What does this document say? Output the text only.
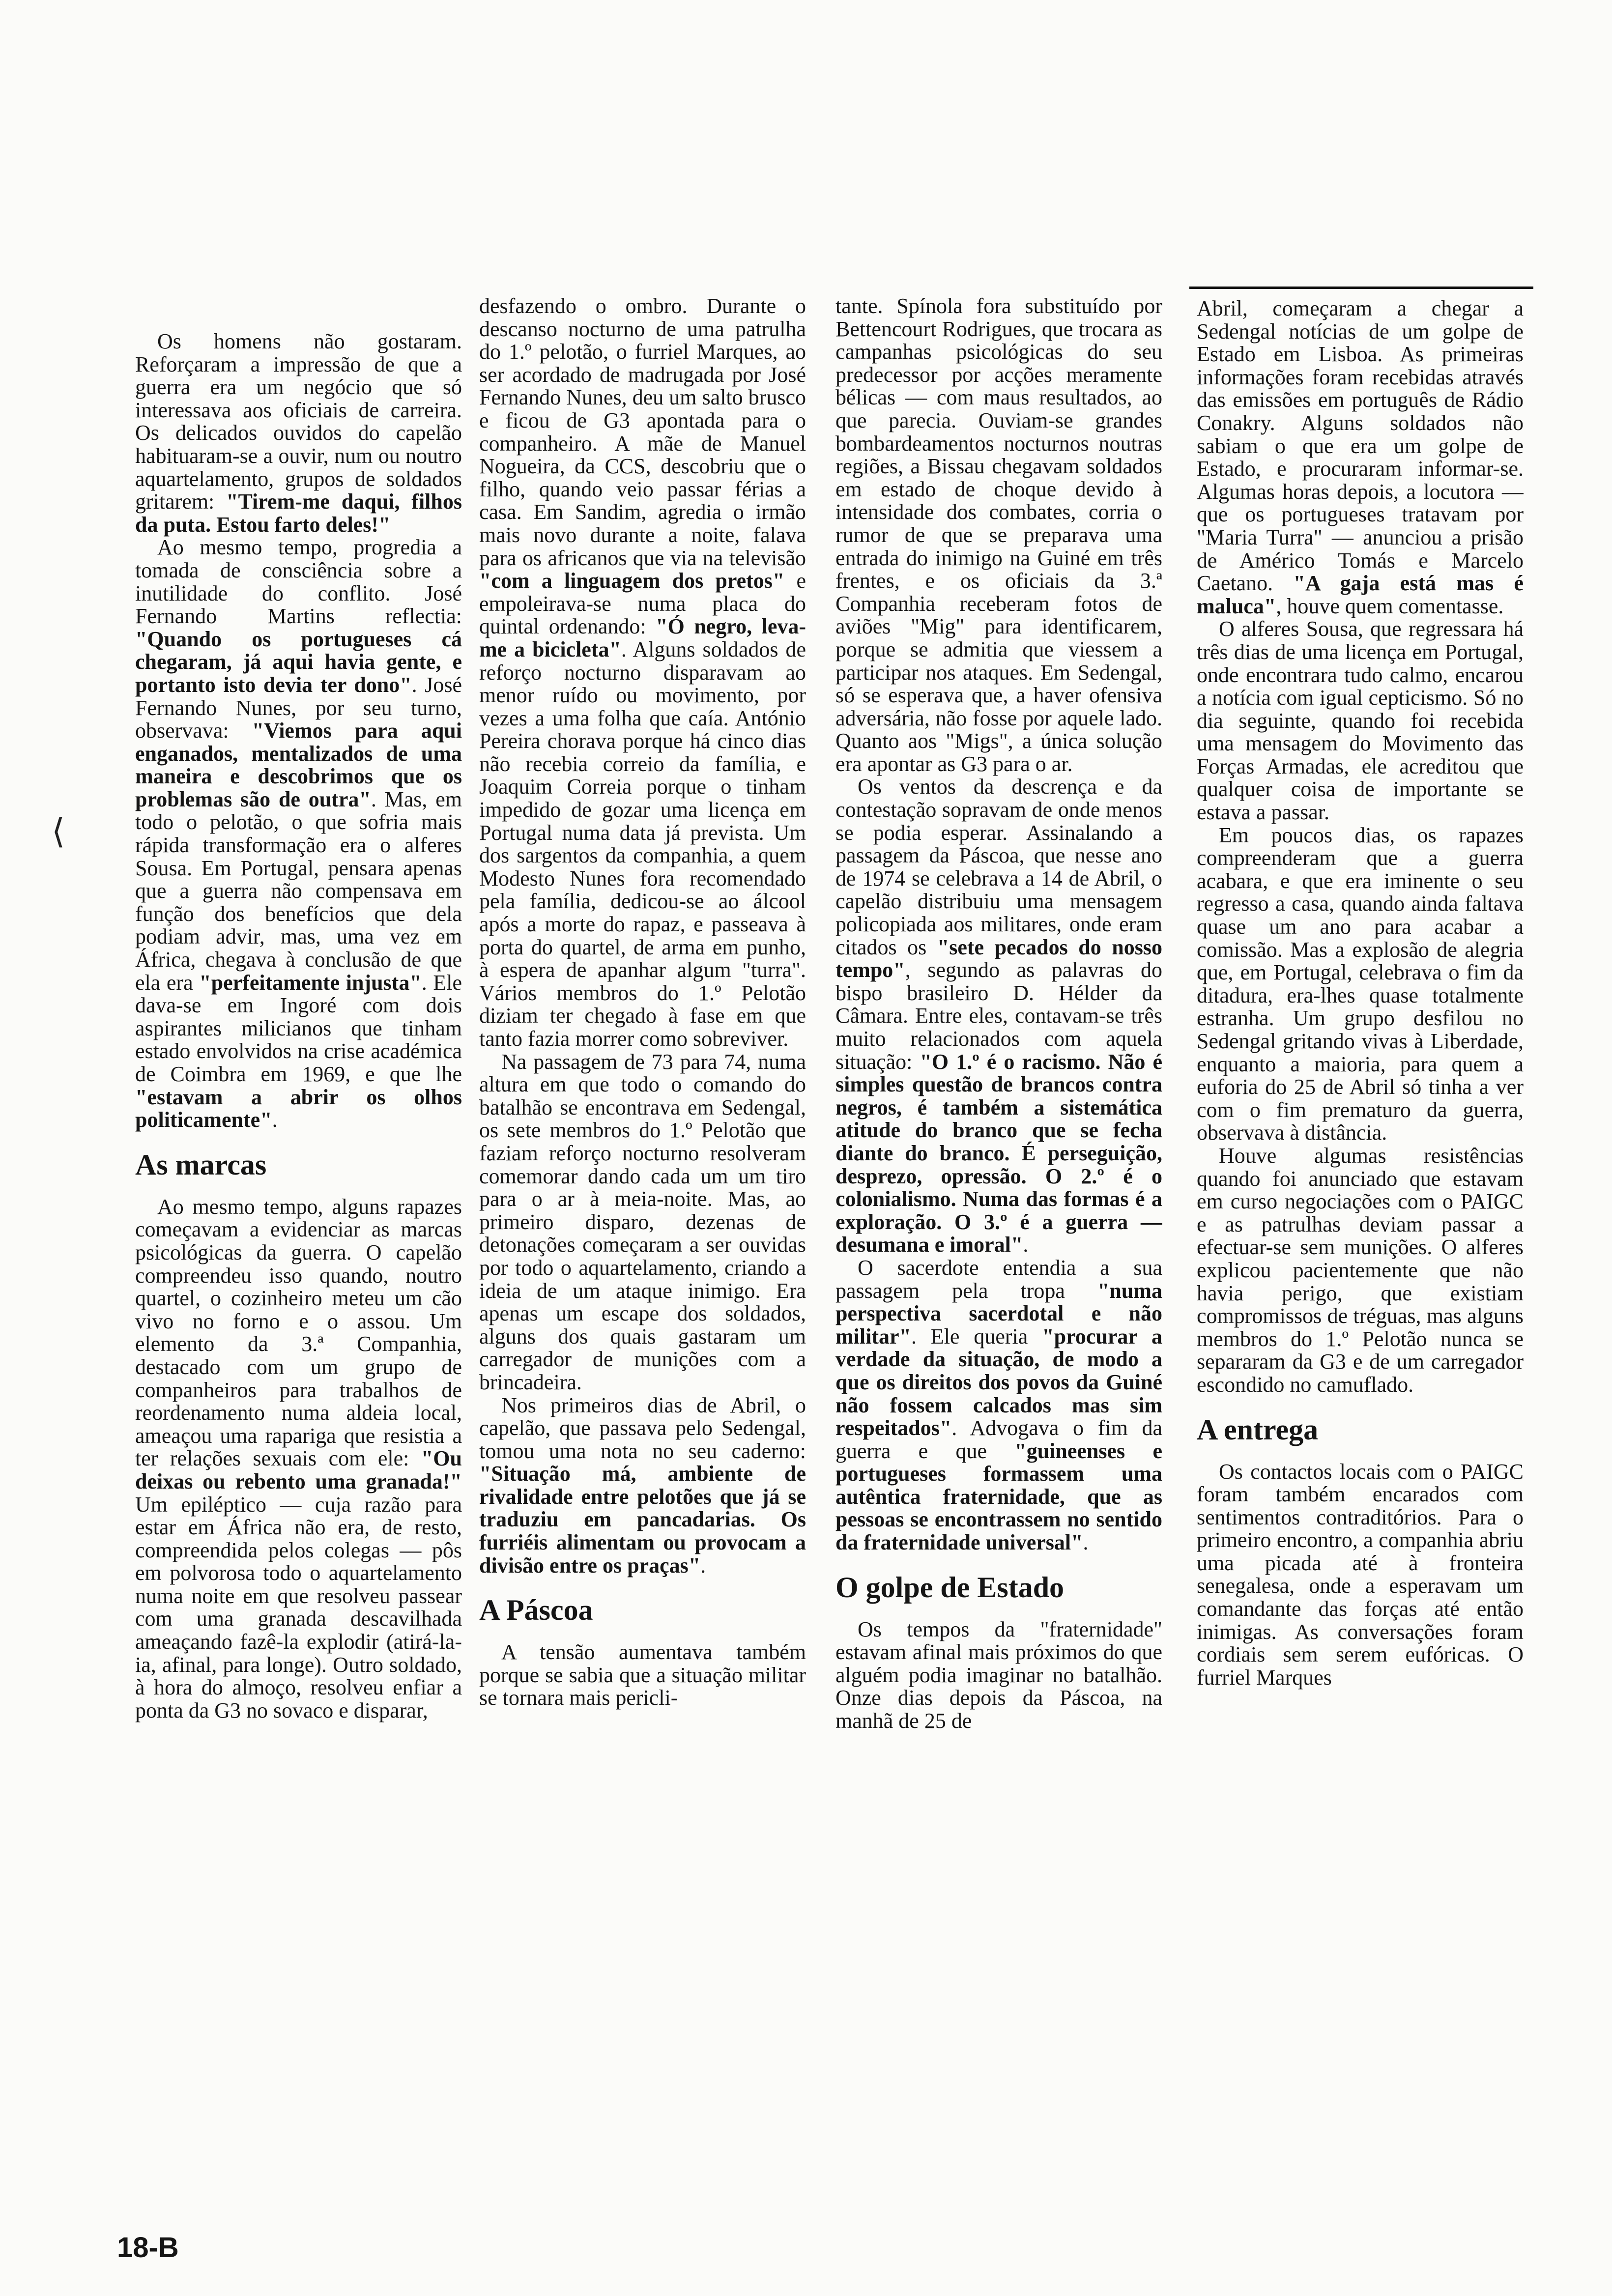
⟨

Os homens não gostaram. Reforçaram a impressão de que a guerra era um negócio que só interessava aos oficiais de carreira. Os delicados ouvidos do capelão habituaram-se a ouvir, num ou noutro aquartelamento, grupos de soldados gritarem: "Tirem-me daqui, filhos da puta. Estou farto deles!"

Ao mesmo tempo, progredia a tomada de consciência sobre a inutilidade do conflito. José Fernando Martins reflectia: "Quando os portugueses cá chegaram, já aqui havia gente, e portanto isto devia ter dono". José Fernando Nunes, por seu turno, observava: "Viemos para aqui enganados, mentalizados de uma maneira e descobrimos que os problemas são de outra". Mas, em todo o pelotão, o que sofria mais rápida transformação era o alferes Sousa. Em Portugal, pensara apenas que a guerra não compensava em função dos benefícios que dela podiam advir, mas, uma vez em África, chegava à conclusão de que ela era "perfeitamente injusta". Ele dava-se em Ingoré com dois aspirantes milicianos que tinham estado envolvidos na crise académica de Coimbra em 1969, e que lhe "estavam a abrir os olhos politicamente".

As marcas

Ao mesmo tempo, alguns rapazes começavam a evidenciar as marcas psicológicas da guerra. O capelão compreendeu isso quando, noutro quartel, o cozinheiro meteu um cão vivo no forno e o assou. Um elemento da 3.ª Companhia, destacado com um grupo de companheiros para trabalhos de reordenamento numa aldeia local, ameaçou uma rapariga que resistia a ter relações sexuais com ele: "Ou deixas ou rebento uma granada!" Um epiléptico — cuja razão para estar em África não era, de resto, compreendida pelos colegas — pôs em polvorosa todo o aquartelamento numa noite em que resolveu passear com uma granada descavilhada ameaçando fazê-la explodir (atirá-la-ia, afinal, para longe). Outro soldado, à hora do almoço, resolveu enfiar a ponta da G3 no sovaco e disparar,

desfazendo o ombro. Durante o descanso nocturno de uma patrulha do 1.º pelotão, o furriel Marques, ao ser acordado de madrugada por José Fernando Nunes, deu um salto brusco e ficou de G3 apontada para o companheiro. A mãe de Manuel Nogueira, da CCS, descobriu que o filho, quando veio passar férias a casa. Em Sandim, agredia o irmão mais novo durante a noite, falava para os africanos que via na televisão "com a linguagem dos pretos" e empoleirava-se numa placa do quintal ordenando: "Ó negro, leva-me a bicicleta". Alguns soldados de reforço nocturno disparavam ao menor ruído ou movimento, por vezes a uma folha que caía. António Pereira chorava porque há cinco dias não recebia correio da família, e Joaquim Correia porque o tinham impedido de gozar uma licença em Portugal numa data já prevista. Um dos sargentos da companhia, a quem Modesto Nunes fora recomendado pela família, dedicou-se ao álcool após a morte do rapaz, e passeava à porta do quartel, de arma em punho, à espera de apanhar algum "turra". Vários membros do 1.º Pelotão diziam ter chegado à fase em que tanto fazia morrer como sobreviver.

Na passagem de 73 para 74, numa altura em que todo o comando do batalhão se encontrava em Sedengal, os sete membros do 1.º Pelotão que faziam reforço nocturno resolveram comemorar dando cada um um tiro para o ar à meia-noite. Mas, ao primeiro disparo, dezenas de detonações começaram a ser ouvidas por todo o aquartelamento, criando a ideia de um ataque inimigo. Era apenas um escape dos soldados, alguns dos quais gastaram um carregador de munições com a brincadeira.

Nos primeiros dias de Abril, o capelão, que passava pelo Sedengal, tomou uma nota no seu caderno: "Situação má, ambiente de rivalidade entre pelotões que já se traduziu em pancadarias. Os furriéis alimentam ou provocam a divisão entre os praças".

A Páscoa

A tensão aumentava também porque se sabia que a situação militar se tornara mais pericli-

tante. Spínola fora substituído por Bettencourt Rodrigues, que trocara as campanhas psicológicas do seu predecessor por acções meramente bélicas — com maus resultados, ao que parecia. Ouviam-se grandes bombardeamentos nocturnos noutras regiões, a Bissau chegavam soldados em estado de choque devido à intensidade dos combates, corria o rumor de que se preparava uma entrada do inimigo na Guiné em três frentes, e os oficiais da 3.ª Companhia receberam fotos de aviões "Mig" para identificarem, porque se admitia que viessem a participar nos ataques. Em Sedengal, só se esperava que, a haver ofensiva adversária, não fosse por aquele lado. Quanto aos "Migs", a única solução era apontar as G3 para o ar.

Os ventos da descrença e da contestação sopravam de onde menos se podia esperar. Assinalando a passagem da Páscoa, que nesse ano de 1974 se celebrava a 14 de Abril, o capelão distribuiu uma mensagem policopiada aos militares, onde eram citados os "sete pecados do nosso tempo", segundo as palavras do bispo brasileiro D. Hélder da Câmara. Entre eles, contavam-se três muito relacionados com aquela situação: "O 1.º é o racismo. Não é simples questão de brancos contra negros, é também a sistemática atitude do branco que se fecha diante do branco. É perseguição, desprezo, opressão. O 2.º é o colonialismo. Numa das formas é a exploração. O 3.º é a guerra — desumana e imoral".

O sacerdote entendia a sua passagem pela tropa "numa perspectiva sacerdotal e não militar". Ele queria "procurar a verdade da situação, de modo a que os direitos dos povos da Guiné não fossem calcados mas sim respeitados". Advogava o fim da guerra e que "guineenses e portugueses formassem uma autêntica fraternidade, que as pessoas se encontrassem no sentido da fraternidade universal".

O golpe de Estado

Os tempos da "fraternidade" estavam afinal mais próximos do que alguém podia imaginar no batalhão. Onze dias depois da Páscoa, na manhã de 25 de

Abril, começaram a chegar a Sedengal notícias de um golpe de Estado em Lisboa. As primeiras informações foram recebidas através das emissões em português de Rádio Conakry. Alguns soldados não sabiam o que era um golpe de Estado, e procuraram informar-se. Algumas horas depois, a locutora — que os portugueses tratavam por "Maria Turra" — anunciou a prisão de Américo Tomás e Marcelo Caetano. "A gaja está mas é maluca", houve quem comentasse.

O alferes Sousa, que regressara há três dias de uma licença em Portugal, onde encontrara tudo calmo, encarou a notícia com igual cepticismo. Só no dia seguinte, quando foi recebida uma mensagem do Movimento das Forças Armadas, ele acreditou que qualquer coisa de importante se estava a passar.

Em poucos dias, os rapazes compreenderam que a guerra acabara, e que era iminente o seu regresso a casa, quando ainda faltava quase um ano para acabar a comissão. Mas a explosão de alegria que, em Portugal, celebrava o fim da ditadura, era-lhes quase totalmente estranha. Um grupo desfilou no Sedengal gritando vivas à Liberdade, enquanto a maioria, para quem a euforia do 25 de Abril só tinha a ver com o fim prematuro da guerra, observava à distância.

Houve algumas resistências quando foi anunciado que estavam em curso negociações com o PAIGC e as patrulhas deviam passar a efectuar-se sem munições. O alferes explicou pacientemente que não havia perigo, que existiam compromissos de tréguas, mas alguns membros do 1.º Pelotão nunca se separaram da G3 e de um carregador escondido no camuflado.

A entrega

Os contactos locais com o PAIGC foram também encarados com sentimentos contraditórios. Para o primeiro encontro, a companhia abriu uma picada até à fronteira senegalesa, onde a esperavam um comandante das forças até então inimigas. As conversações foram cordiais sem serem eufóricas. O furriel Marques

18-B
